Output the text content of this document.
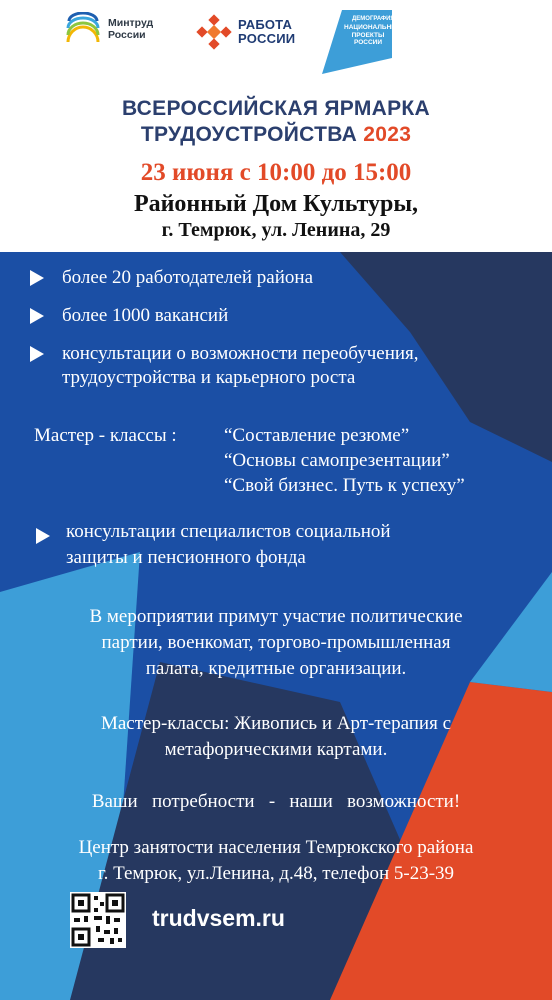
Минтруд
России
РАБОТА
РОССИИ
ДЕМОГРАФИЯ
НАЦИОНАЛЬНЫЕ
ПРОЕКТЫ
РОССИИ
ВСЕРОССИЙСКАЯ ЯРМАРКА
ТРУДОУСТРОЙСТВА 2023
23 июня с 10:00 до 15:00
Районный Дом Культуры,
г. Темрюк, ул. Ленина, 29
более 20 работодателей района
более 1000 вакансий
консультации о возможности переобучения,
трудоустройства и карьерного роста
Мастер - классы : “Составление резюме”
“Основы самопрезентации”
“Свой бизнес. Путь к успеху”
консультации специалистов социальной
защиты и пенсионного фонда
В мероприятии примут участие политические
партии, военкомат, торгово-промышленная
палата, кредитные организации.
Мастер-классы: Живопись и Арт-терапия с
метафорическими картами.
Ваши   потребности   -   наши   возможности!
Центр занятости населения Темрюкского района
г. Темрюк, ул.Ленина, д.48, телефон 5-23-39
trudvsem.ru
